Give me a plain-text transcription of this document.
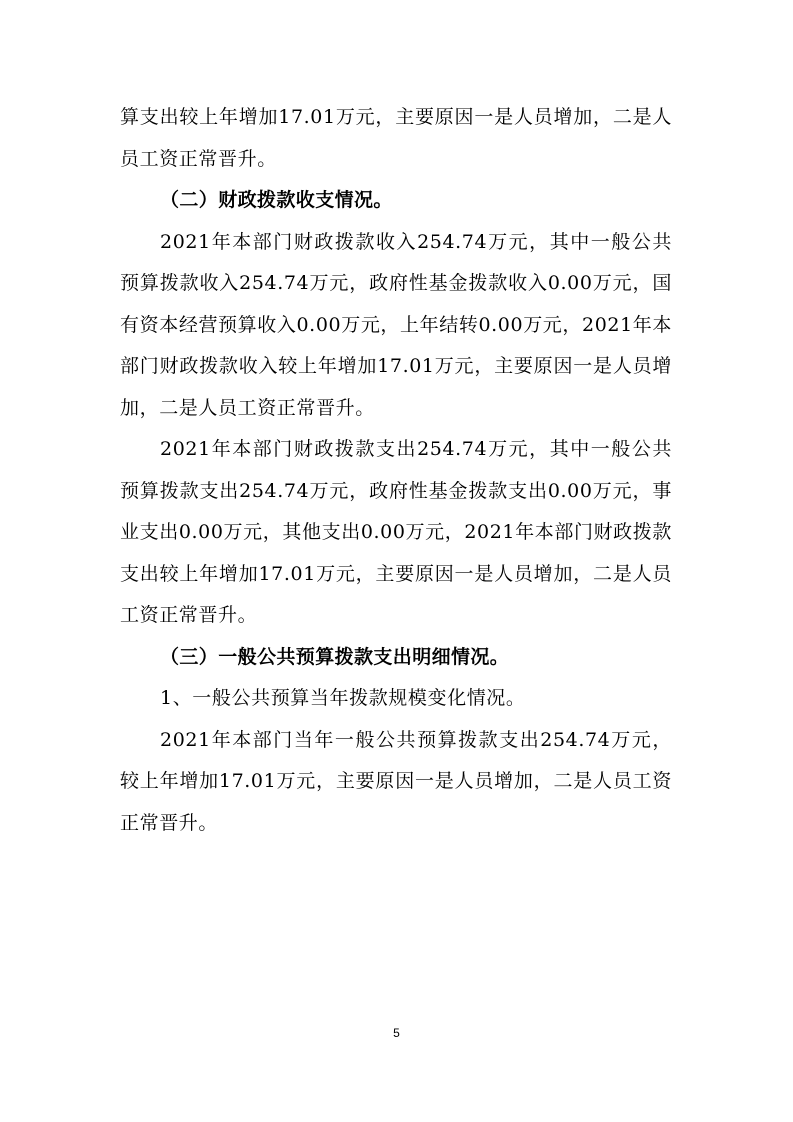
算支出较上年增加17.01万元，主要原因一是人员增加，二是人员工资正常晋升。

（二）财政拨款收支情况。

2021年本部门财政拨款收入254.74万元，其中一般公共预算拨款收入254.74万元，政府性基金拨款收入0.00万元，国有资本经营预算收入0.00万元，上年结转0.00万元，2021年本部门财政拨款收入较上年增加17.01万元，主要原因一是人员增加，二是人员工资正常晋升。

2021年本部门财政拨款支出254.74万元，其中一般公共预算拨款支出254.74万元，政府性基金拨款支出0.00万元，事业支出0.00万元，其他支出0.00万元，2021年本部门财政拨款支出较上年增加17.01万元，主要原因一是人员增加，二是人员工资正常晋升。

（三）一般公共预算拨款支出明细情况。

1、一般公共预算当年拨款规模变化情况。

2021年本部门当年一般公共预算拨款支出254.74万元，较上年增加17.01万元，主要原因一是人员增加，二是人员工资正常晋升。

5
